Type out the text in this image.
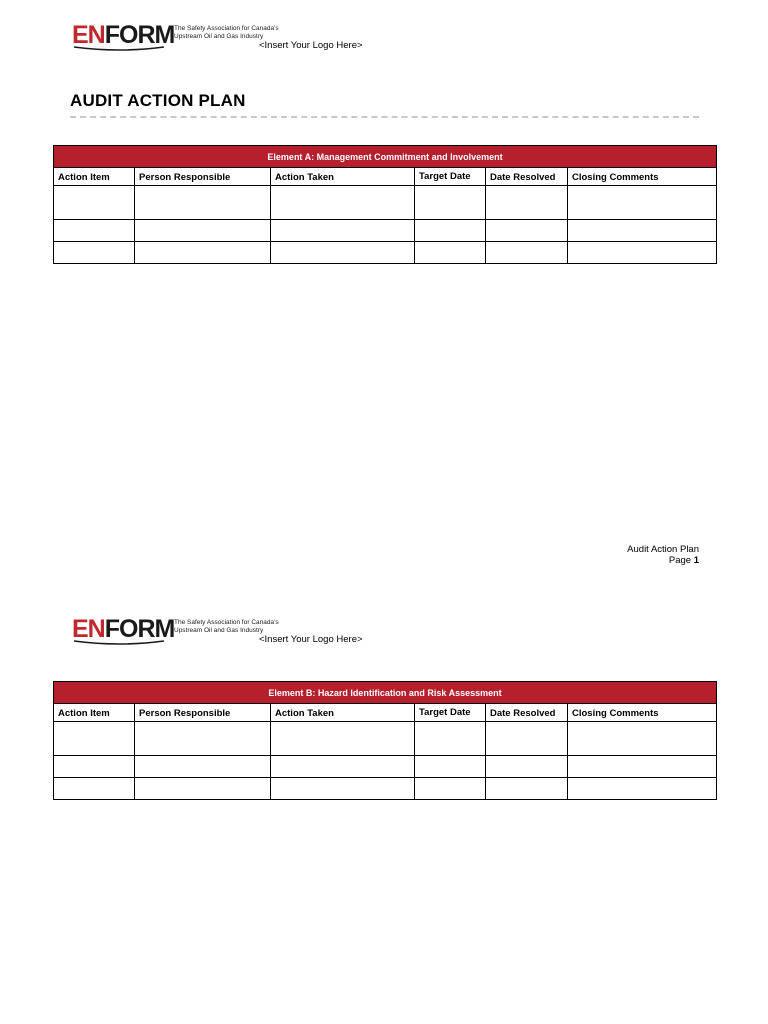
ENFORM The Safety Association for Canada's
Upstream Oil and Gas Industry
<Insert Your Logo Here>
AUDIT ACTION PLAN
Element A: Management Commitment and Involvement					

Action Item	Person Responsible	Action Taken	Target Date	Date Resolved	Closing Comments

Audit Action Plan
Page 1
ENFORM The Safety Association for Canada's
Upstream Oil and Gas Industry
<Insert Your Logo Here>
Element B: Hazard Identification and Risk Assessment					

Action Item	Person Responsible	Action Taken	Target Date	Date Resolved	Closing Comments
